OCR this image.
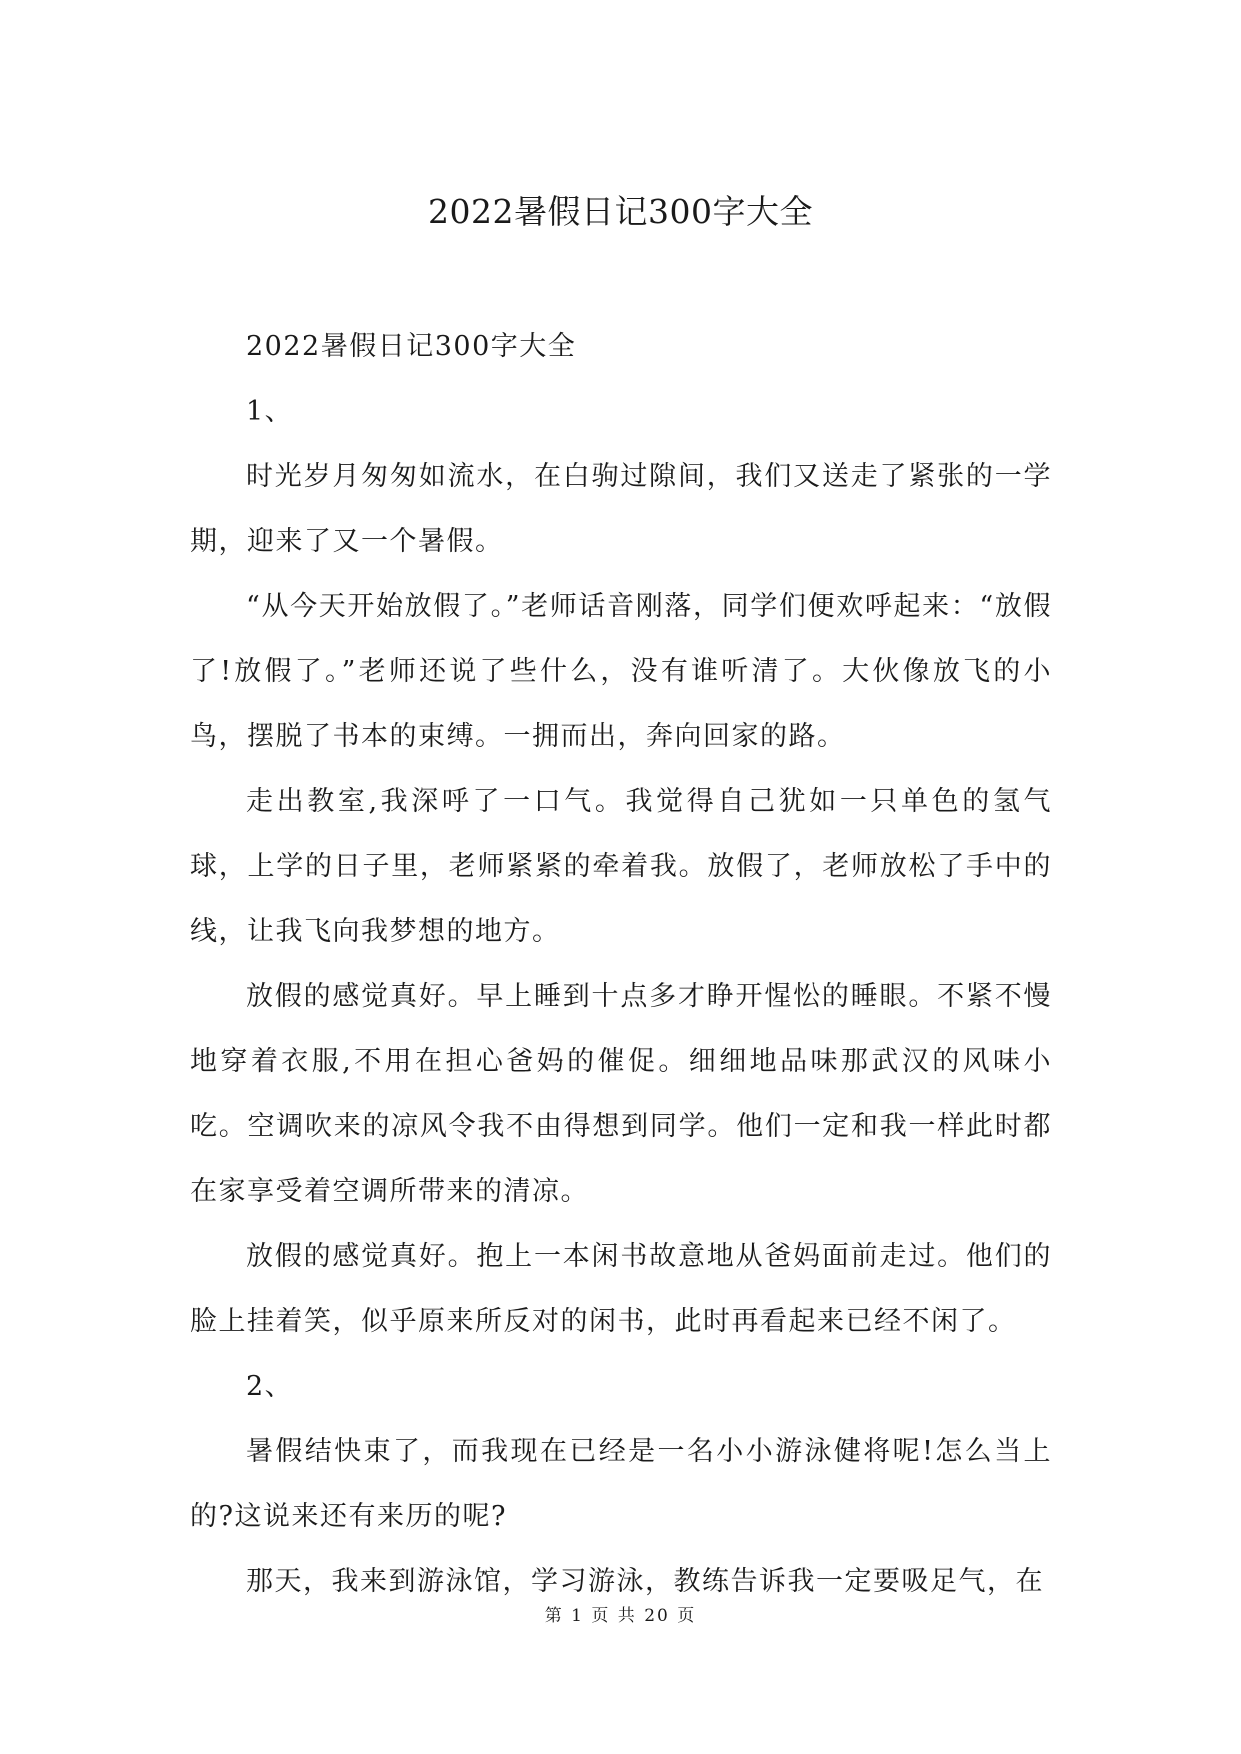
2022暑假日记300字大全

2022暑假日记300字大全

1、

时光岁月匆匆如流水，在白驹过隙间，我们又送走了紧张的一学期，迎来了又一个暑假。

“从今天开始放假了。”老师话音刚落，同学们便欢呼起来：“放假了!放假了。”老师还说了些什么，没有谁听清了。大伙像放飞的小鸟，摆脱了书本的束缚。一拥而出，奔向回家的路。

走出教室,我深呼了一口气。我觉得自己犹如一只单色的氢气球，上学的日子里，老师紧紧的牵着我。放假了，老师放松了手中的线，让我飞向我梦想的地方。

放假的感觉真好。早上睡到十点多才睁开惺忪的睡眼。不紧不慢地穿着衣服,不用在担心爸妈的催促。细细地品味那武汉的风味小吃。空调吹来的凉风令我不由得想到同学。他们一定和我一样此时都在家享受着空调所带来的清凉。

放假的感觉真好。抱上一本闲书故意地从爸妈面前走过。他们的脸上挂着笑，似乎原来所反对的闲书，此时再看起来已经不闲了。

2、

暑假结快束了，而我现在已经是一名小小游泳健将呢!怎么当上的?这说来还有来历的呢?

那天，我来到游泳馆，学习游泳，教练告诉我一定要吸足气，在

第 1 页 共 20 页
